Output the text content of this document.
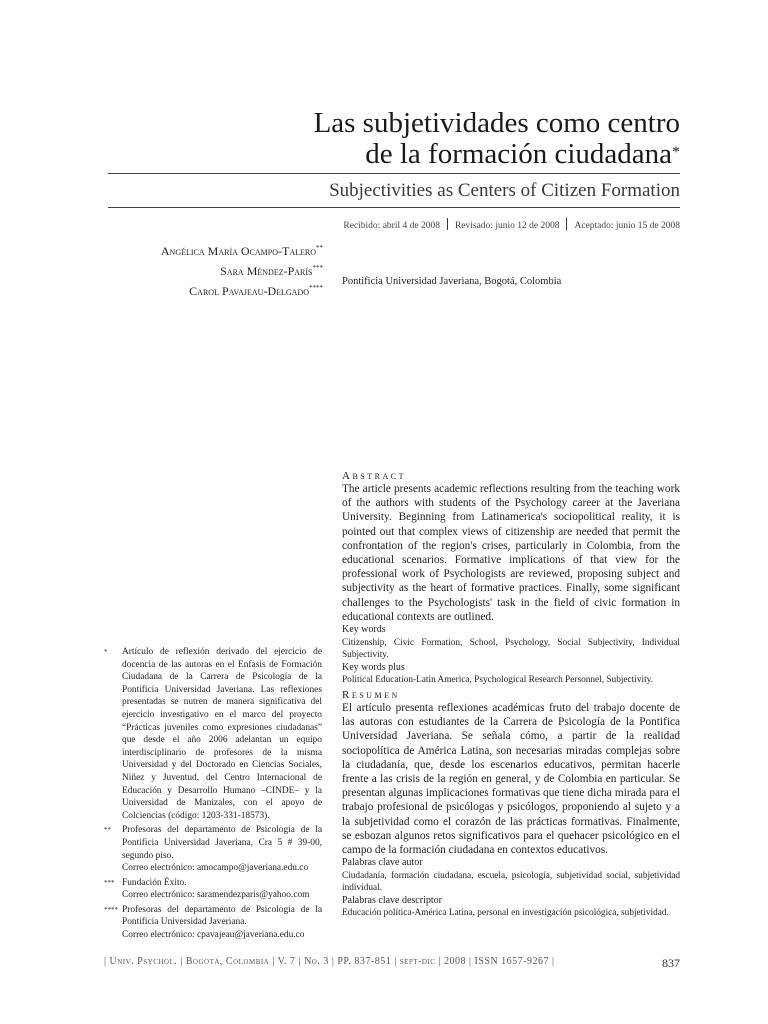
Las subjetividades como centro
de la formación ciudadana*
Subjectivities as Centers of Citizen Formation
Recibido: abril 4 de 2008 Revisado: junio 12 de 2008 Aceptado: junio 15 de 2008
Angélica María Ocampo-Talero**
Sara Méndez-París***
Carol Pavajeau-Delgado****
Pontificia Universidad Javeriana, Bogotá, Colombia
Abstract
The article presents academic reflections resulting from the teaching work of the authors with students of the Psychology career at the Javeriana University. Beginning from Latinamerica's sociopolitical reality, it is pointed out that complex views of citizenship are needed that permit the confrontation of the region's crises, particularly in Colombia, from the educational scenarios. Formative implications of that view for the professional work of Psychologists are reviewed, proposing subject and subjectivity as the heart of formative practices. Finally, some significant challenges to the Psychologists' task in the field of civic formation in educational contexts are outlined.
Key words
Citizenship, Civic Formation, School, Psychology, Social Subjectivity, Individual Subjectivity.
Key words plus
Political Education-Latin America, Psychological Research Personnel, Subjectivity.
Resumen
El artículo presenta reflexiones académicas fruto del trabajo docente de las autoras con estudiantes de la Carrera de Psicología de la Pontifica Universidad Javeriana. Se señala cómo, a partir de la realidad sociopolítica de América Latina, son necesarias miradas complejas sobre la ciudadanía, que, desde los escenarios educativos, permitan hacerle frente a las crisis de la región en general, y de Colombia en particular. Se presentan algunas implicaciones formativas que tiene dicha mirada para el trabajo profesional de psicólogas y psicólogos, proponiendo al sujeto y a la subjetividad como el corazón de las prácticas formativas. Finalmente, se esbozan algunos retos significativos para el quehacer psicológico en el campo de la formación ciudadana en contextos educativos.
Palabras clave autor
Ciudadanía, formación ciudadana, escuela, psicología, subjetividad social, subjetividad individual.
Palabras clave descriptor
Educación política-América Latina, personal en investigación psicológica, subjetividad.
* Artículo de reflexión derivado del ejercicio de docencia de las autoras en el Enfasis de Formación Ciudadana de la Carrera de Psicología de la Pontificia Universidad Javeriana. Las reflexiones presentadas se nutren de manera significativa del ejercicio investigativo en el marco del proyecto “Prácticas juveniles como expresiones ciudadanas” que desde el año 2006 adelantan un equipo interdisciplinario de profesores de la misma Universidad y del Doctorado en Ciencias Sociales, Niñez y Juventud, del Centro Internacional de Educación y Desarrollo Humano –CINDE– y la Universidad de Manizales, con el apoyo de Colciencias (código: 1203-331-18573).
** Profesoras del departamento de Psicología de la Pontificia Universidad Javeriana, Cra 5 # 39-00, segundo piso.
Correo electrónico: amocampo@javeriana.edu.co
*** Fundación Éxito.
Correo electrónico: saramendezparis@yahoo.com
**** Profesoras del departamento de Psicología de la Pontificia Universidad Javeriana.
Correo electrónico: cpavajeau@javeriana.edu.co
| Univ. Psychol. | Bogotá, Colombia | V. 7 | No. 3 | PP. 837-851 | sept-dic | 2008 | ISSN 1657-9267 |	837
